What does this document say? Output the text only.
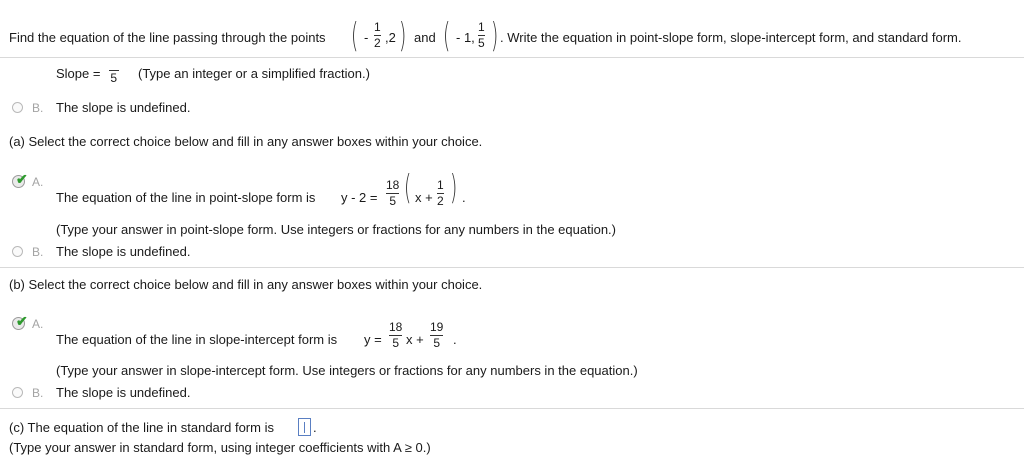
Find the equation of the line passing through the points ( -
1
2 ,2 ) and ( - 1,
1
5 ) . Write the equation in point-slope form, slope-intercept form, and standard form.
Slope = 5 (Type an integer or a simplified fraction.)
B. The slope is undefined.
(a) Select the correct choice below and fill in any answer boxes within your choice.
✔ A.
The equation of the line in point-slope form is y - 2 =
18
5 ( x +
1
2 ) .
(Type your answer in point-slope form. Use integers or fractions for any numbers in the equation.)
B. The slope is undefined.
(b) Select the correct choice below and fill in any answer boxes within your choice.
✔ A.
The equation of the line in slope-intercept form is y =
18
5 x +
19
5 .
(Type your answer in slope-intercept form. Use integers or fractions for any numbers in the equation.)
B. The slope is undefined.
(c) The equation of the line in standard form is	.
(Type your answer in standard form, using integer coefficients with A ≥ 0.)
